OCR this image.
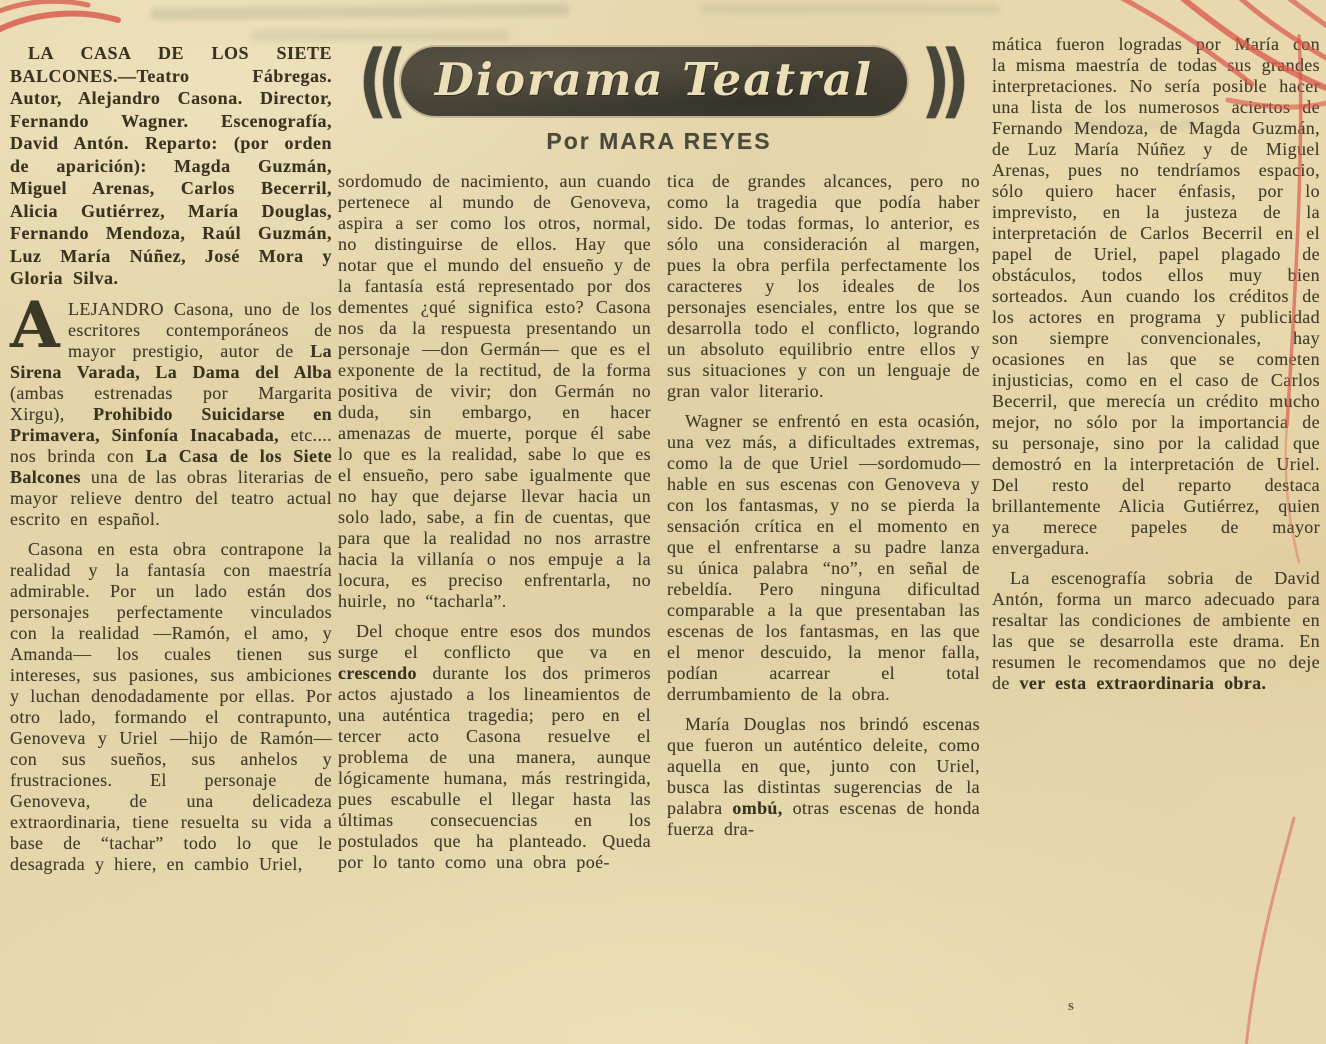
LA CASA DE LOS SIETE BALCONES.—Teatro Fábregas. Autor, Alejandro Casona. Director, Fernando Wagner. Escenografía, David Antón. Reparto: (por orden de aparición): Magda Guzmán, Miguel Arenas, Carlos Becerril, Alicia Gutiérrez, María Douglas, Fernando Mendoza, Raúl Guzmán, Luz María Núñez, José Mora y Gloria Silva.

ALEJANDRO Casona, uno de los escritores contemporáneos de mayor prestigio, autor de La Sirena Varada, La Dama del Alba (ambas estrenadas por Margarita Xirgu), Prohibido Suicidarse en Primavera, Sinfonía Inacabada, etc.... nos brinda con La Casa de los Siete Balcones una de las obras literarias de mayor relieve dentro del teatro actual escrito en español.

Casona en esta obra contrapone la realidad y la fantasía con maestría admirable. Por un lado están dos personajes perfectamente vinculados con la realidad —Ramón, el amo, y Amanda— los cuales tienen sus intereses, sus pasiones, sus ambiciones y luchan denodadamente por ellas. Por otro lado, formando el contrapunto, Genoveva y Uriel —hijo de Ramón— con sus sueños, sus anhelos y frustraciones. El personaje de Genoveva, de una delicadeza extraordinaria, tiene resuelta su vida a base de “tachar” todo lo que le desagrada y hiere, en cambio Uriel,

(( Diorama Teatral ))
Por MARA REYES

sordomudo de nacimiento, aun cuando pertenece al mundo de Genoveva, aspira a ser como los otros, normal, no distinguirse de ellos. Hay que notar que el mundo del ensueño y de la fantasía está representado por dos dementes ¿qué significa esto? Casona nos da la respuesta presentando un personaje —don Germán— que es el exponente de la rectitud, de la forma positiva de vivir; don Germán no duda, sin embargo, en hacer amenazas de muerte, porque él sabe lo que es la realidad, sabe lo que es el ensueño, pero sabe igualmente que no hay que dejarse llevar hacia un solo lado, sabe, a fin de cuentas, que para que la realidad no nos arrastre hacia la villanía o nos empuje a la locura, es preciso enfrentarla, no huirle, no “tacharla”.

Del choque entre esos dos mundos surge el conflicto que va en crescendo durante los dos primeros actos ajustado a los lineamientos de una auténtica tragedia; pero en el tercer acto Casona resuelve el problema de una manera, aunque lógicamente humana, más restringida, pues escabulle el llegar hasta las últimas consecuencias en los postulados que ha planteado. Queda por lo tanto como una obra poé-

tica de grandes alcances, pero no como la tragedia que podía haber sido. De todas formas, lo anterior, es sólo una consideración al margen, pues la obra perfila perfectamente los caracteres y los ideales de los personajes esenciales, entre los que se desarrolla todo el conflicto, logrando un absoluto equilibrio entre ellos y sus situaciones y con un lenguaje de gran valor literario.

Wagner se enfrentó en esta ocasión, una vez más, a dificultades extremas, como la de que Uriel —sordomudo— hable en sus escenas con Genoveva y con los fantasmas, y no se pierda la sensación crítica en el momento en que el enfrentarse a su padre lanza su única palabra “no”, en señal de rebeldía. Pero ninguna dificultad comparable a la que presentaban las escenas de los fantasmas, en las que el menor descuido, la menor falla, podían acarrear el total derrumbamiento de la obra.

María Douglas nos brindó escenas que fueron un auténtico deleite, como aquella en que, junto con Uriel, busca las distintas sugerencias de la palabra ombú, otras escenas de honda fuerza dra-

mática fueron logradas por María con la misma maestría de todas sus grandes interpretaciones. No sería posible hacer una lista de los numerosos aciertos de Fernando Mendoza, de Magda Guzmán, de Luz María Núñez y de Miguel Arenas, pues no tendríamos espacio, sólo quiero hacer énfasis, por lo imprevisto, en la justeza de la interpretación de Carlos Becerril en el papel de Uriel, papel plagado de obstáculos, todos ellos muy bien sorteados. Aun cuando los créditos de los actores en programa y publicidad son siempre convencionales, hay ocasiones en las que se cometen injusticias, como en el caso de Carlos Becerril, que merecía un crédito mucho mejor, no sólo por la importancia de su personaje, sino por la calidad que demostró en la interpretación de Uriel. Del resto del reparto destaca brillantemente Alicia Gutiérrez, quien ya merece papeles de mayor envergadura.

La escenografía sobria de David Antón, forma un marco adecuado para resaltar las condiciones de ambiente en las que se desarrolla este drama. En resumen le recomendamos que no deje de ver esta extraordinaria obra.

s
